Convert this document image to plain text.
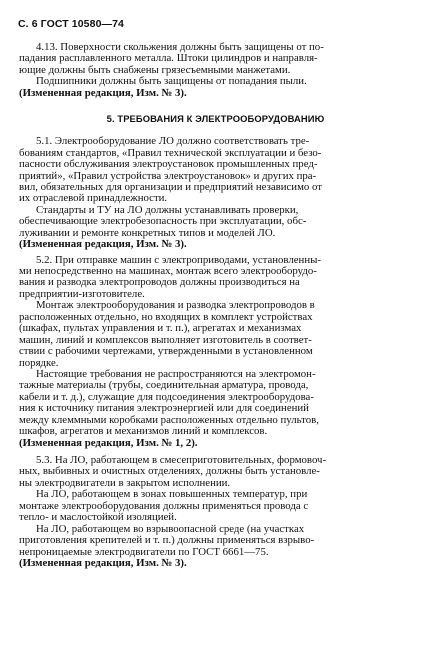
С. 6 ГОСТ 10580—74
4.13. Поверхности скольжения должны быть защищены от по-
падания расплавленного металла. Штоки цилиндров и направля-
ющие должны быть снабжены грязесъемными манжетами.
Подшипники должны быть защищены от попадания пыли.
(Измененная редакция, Изм. № 3).
5. ТРЕБОВАНИЯ К ЭЛЕКТРООБОРУДОВАНИЮ
5.1. Электрооборудование ЛО должно соответствовать тре-
бованиям стандартов, «Правил технической эксплуатации и безо-
пасности обслуживания электроустановок промышленных пред-
приятий», «Правил устройства электроустановок» и других пра-
вил, обязательных для организации и предприятий независимо от
их отраслевой принадлежности.
Стандарты и ТУ на ЛО должны устанавливать проверки,
обеспечивающие электробезопасность при эксплуатации, обс-
луживании и ремонте конкретных типов и моделей ЛО.
(Измененная редакция, Изм. № 3).
5.2. При отправке машин с электроприводами, установленны-
ми непосредственно на машинах, монтаж всего электрооборудо-
вания и разводка электропроводов должны производиться на
предприятии-изготовителе.
Монтаж электрооборудования и разводка электропроводов в
расположенных отдельно, но входящих в комплект устройствах
(шкафах, пультах управления и т. п.), агрегатах и механизмах
машин, линий и комплексов выполняет изготовитель в соответ-
ствии с рабочими чертежами, утвержденными в установленном
порядке.
Настоящие требования не распространяются на электромон-
тажные материалы (трубы, соединительная арматура, провода,
кабели и т. д.), служащие для подсоединения электрооборудова-
ния к источнику питания электроэнергией или для соединений
между клеммными коробками расположенных отдельно пультов,
шкафов, агрегатов и механизмов линий и комплексов.
(Измененная редакция, Изм. № 1, 2).
5.3. На ЛО, работающем в смесеприготовительных, формовоч-
ных, выбивных и очистных отделениях, должны быть установле-
ны электродвигатели в закрытом исполнении.
На ЛО, работающем в зонах повышенных температур, при
монтаже электрооборудования должны применяться провода с
тепло- и маслостойкой изоляцией.
На ЛО, работающем во взрывоопасной среде (на участках
приготовления крепителей и т. п.) должны применяться взрыво-
непроницаемые электродвигатели по ГОСТ 6661—75.
(Измененная редакция, Изм. № 3).
